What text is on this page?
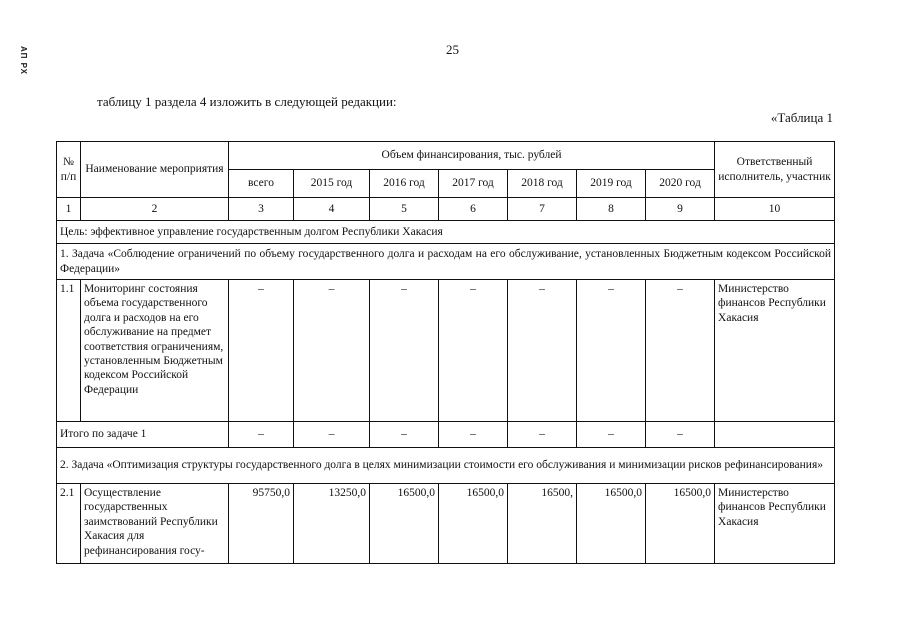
АП РХ	25
таблицу 1 раздела 4 изложить в следующей редакции:
«Таблица 1
№ п/п	Наименование мероприятия	Объем финансирования, тыс. рублей							Ответственный исполнитель, участник
		всего	2015 год	2016 год	2017 год	2018 год	2019 год	2020 год	
1	2	3	4	5	6	7	8	9	10
Цель: эффективное управление государственным долгом Республики Хакасия									
1. Задача «Соблюдение ограничений по объему государственного долга и расходам на его обслуживание, установленных Бюджетным кодексом Российской Федерации»									
1.1	Мониторинг состояния объема государственного долга и расходов на его обслуживание на предмет соответствия ограничениям, установленным Бюджетным кодексом Российской Федерации	–	–	–	–	–	–	–	Министерство финансов Республики Хакасия
Итого по задаче 1		–	–	–	–	–	–	–	
2. Задача «Оптимизация структуры государственного долга в целях минимизации стоимости его обслуживания и минимизации рисков рефинансирования»									
2.1	Осуществление государственных заимствований Республики Хакасия для рефинансирования госу-	95750,0	13250,0	16500,0	16500,0	16500,	16500,0	16500,0	Министерство финансов Республики Хакасия
